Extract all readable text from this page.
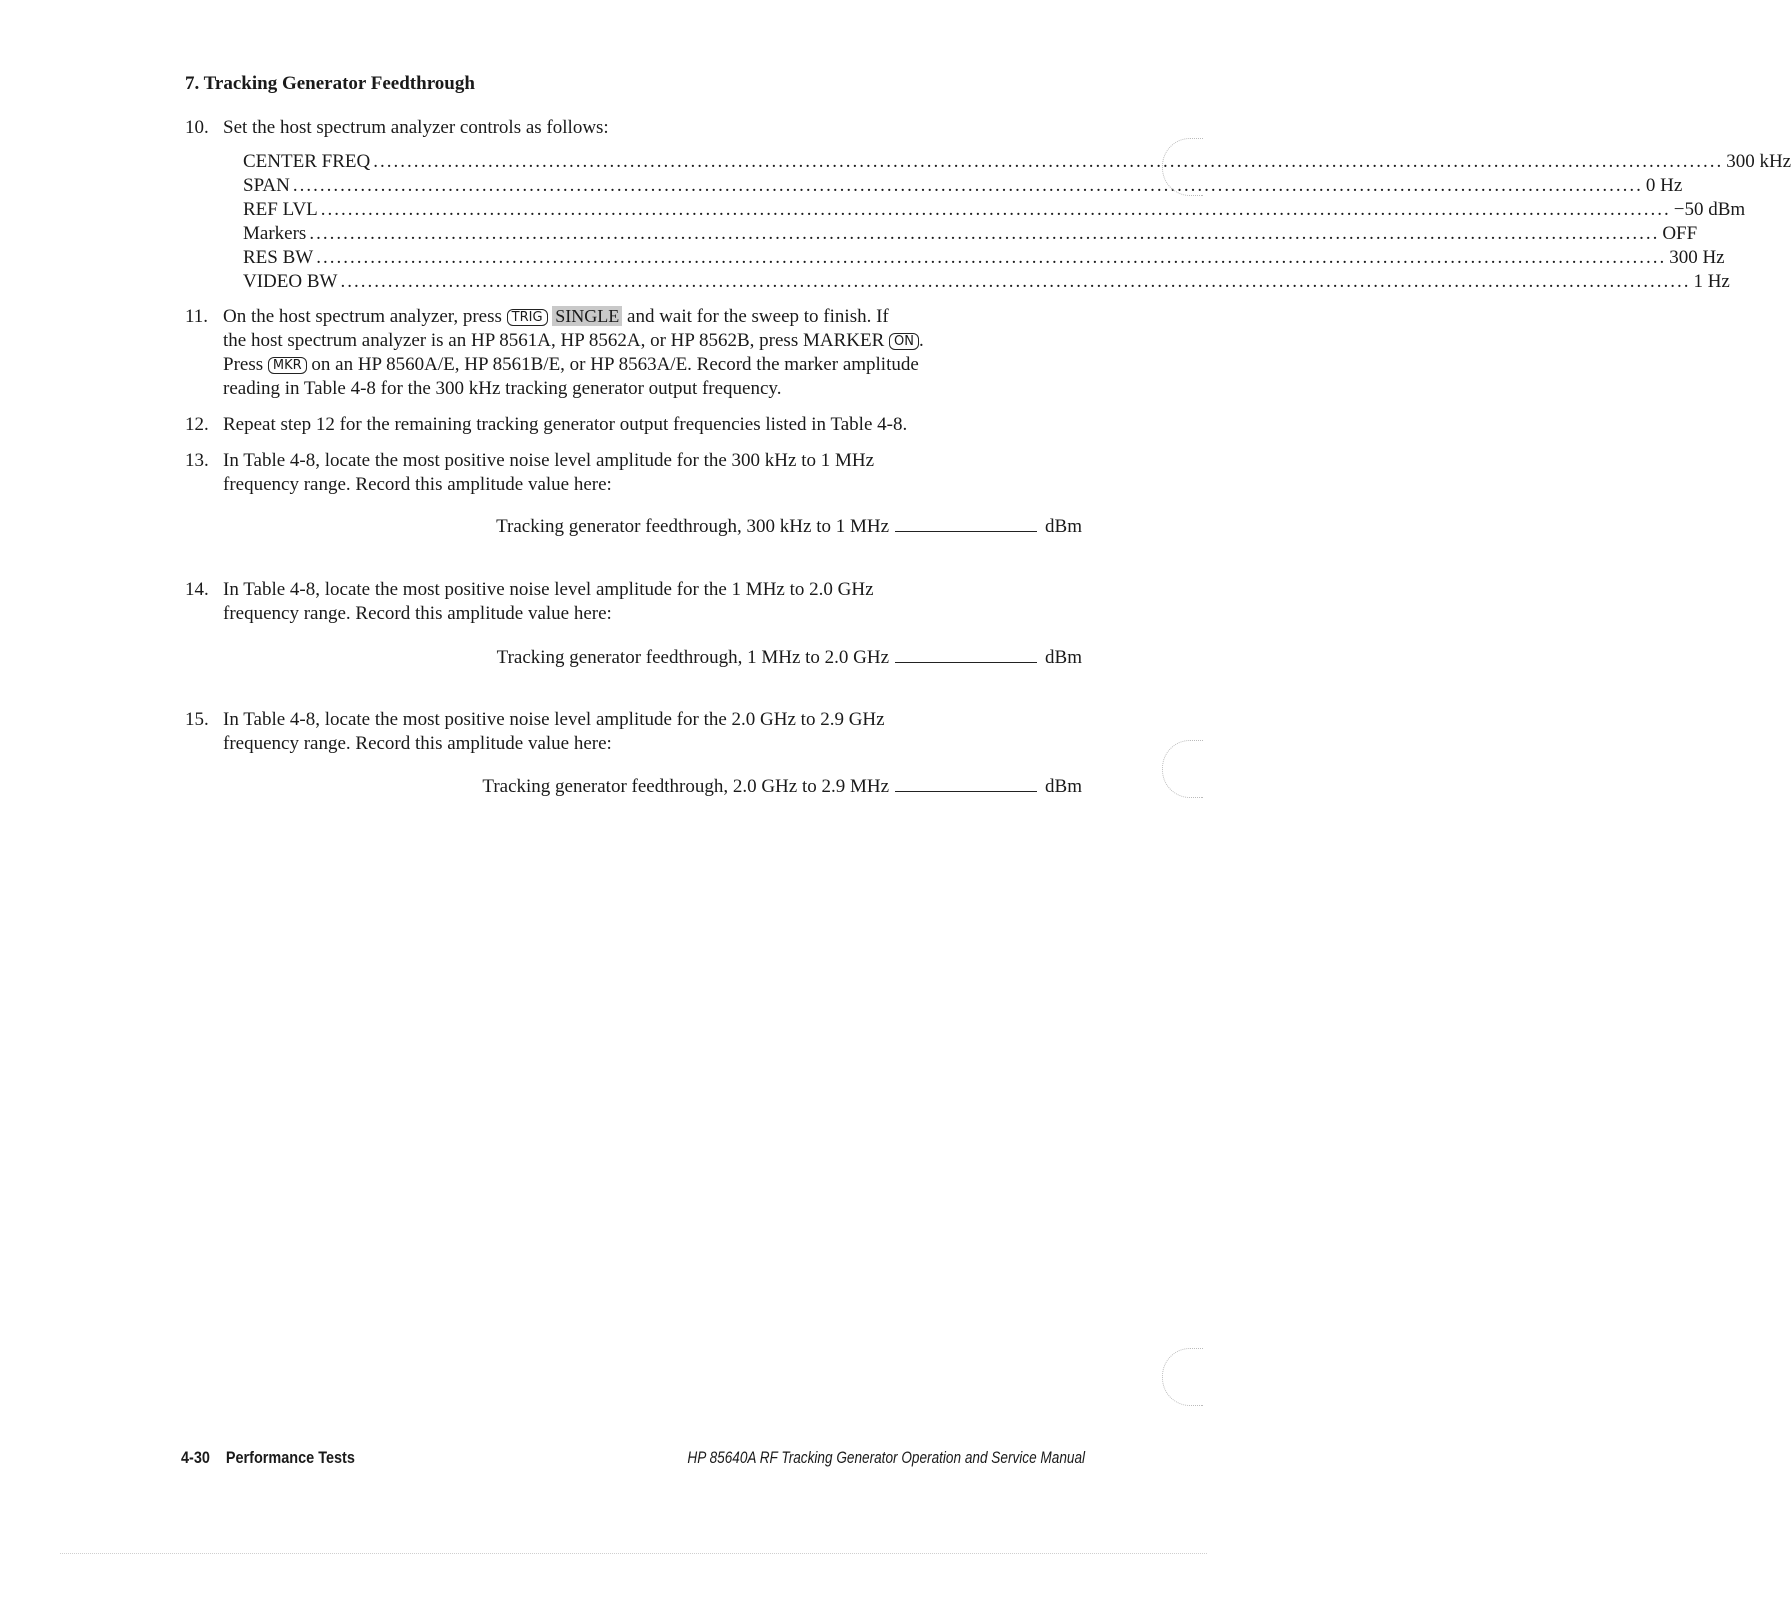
7. Tracking Generator Feedthrough
10. Set the host spectrum analyzer controls as follows:
CENTER FREQ ........................................................................................................................................................................................................ 300 kHz
SPAN ........................................................................................................................................................................................................ 0 Hz
REF LVL ........................................................................................................................................................................................................ −50 dBm
Markers ........................................................................................................................................................................................................ OFF
RES BW ........................................................................................................................................................................................................ 300 Hz
VIDEO BW ........................................................................................................................................................................................................ 1 Hz
11. On the host spectrum analyzer, press TRIG SINGLE and wait for the sweep to finish. If
the host spectrum analyzer is an HP 8561A, HP 8562A, or HP 8562B, press MARKER ON .
Press MKR on an HP 8560A/E, HP 8561B/E, or HP 8563A/E. Record the marker amplitude
reading in Table 4-8 for the 300 kHz tracking generator output frequency.
12. Repeat step 12 for the remaining tracking generator output frequencies listed in Table 4-8.
13. In Table 4-8, locate the most positive noise level amplitude for the 300 kHz to 1 MHz
frequency range. Record this amplitude value here:
Tracking generator feedthrough, 300 kHz to 1 MHz	dBm
14. In Table 4-8, locate the most positive noise level amplitude for the 1 MHz to 2.0 GHz
frequency range. Record this amplitude value here:
Tracking generator feedthrough, 1 MHz to 2.0 GHz	dBm
15. In Table 4-8, locate the most positive noise level amplitude for the 2.0 GHz to 2.9 GHz
frequency range. Record this amplitude value here:
Tracking generator feedthrough, 2.0 GHz to 2.9 MHz	dBm
4-30 Performance Tests	HP 85640A RF Tracking Generator Operation and Service Manual
